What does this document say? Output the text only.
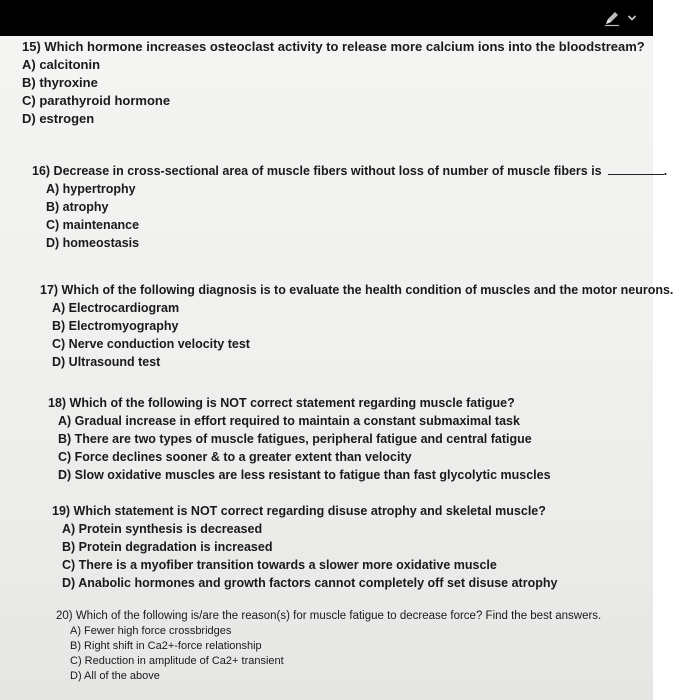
15) Which hormone increases osteoclast activity to release more calcium ions into the bloodstream?
A) calcitonin
B) thyroxine
C) parathyroid hormone
D) estrogen
16) Decrease in cross-sectional area of muscle fibers without loss of number of muscle fibers is	.
A) hypertrophy
B) atrophy
C) maintenance
D) homeostasis
17) Which of the following diagnosis is to evaluate the health condition of muscles and the motor neurons.
A) Electrocardiogram
B) Electromyography
C) Nerve conduction velocity test
D) Ultrasound test
18) Which of the following is NOT correct statement regarding muscle fatigue?
A) Gradual increase in effort required to maintain a constant submaximal task
B) There are two types of muscle fatigues, peripheral fatigue and central fatigue
C) Force declines sooner & to a greater extent than velocity
D) Slow oxidative muscles are less resistant to fatigue than fast glycolytic muscles
19) Which statement is NOT correct regarding disuse atrophy and skeletal muscle?
A) Protein synthesis is decreased
B) Protein degradation is increased
C) There is a myofiber transition towards a slower more oxidative muscle
D) Anabolic hormones and growth factors cannot completely off set disuse atrophy
20) Which of the following is/are the reason(s) for muscle fatigue to decrease force? Find the best answers.
A) Fewer high force crossbridges
B) Right shift in Ca2+-force relationship
C) Reduction in amplitude of Ca2+ transient
D) All of the above
